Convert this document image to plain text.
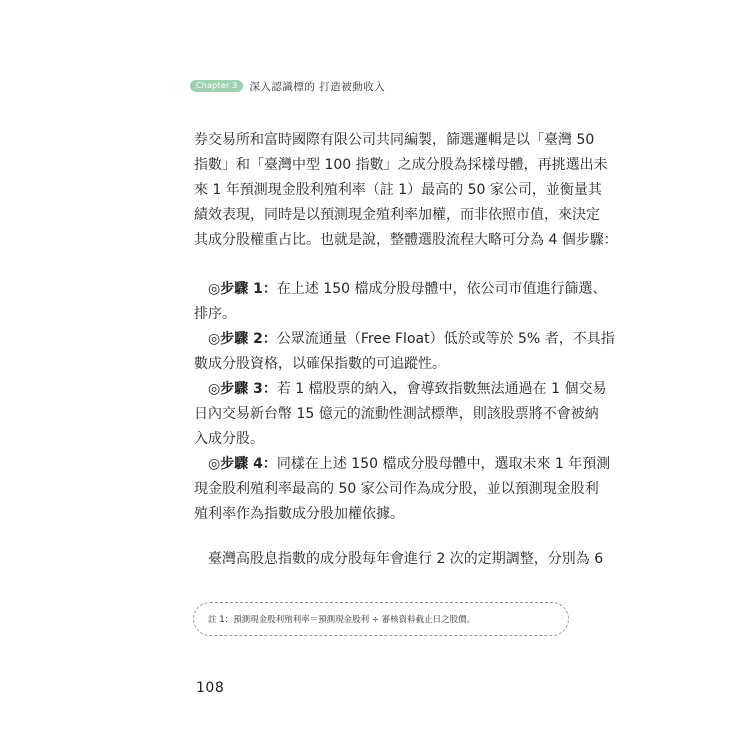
Chapter 3	深入認識標的 打造被動收入
券交易所和富時國際有限公司共同編製，篩選邏輯是以「臺灣 50
指數」和「臺灣中型 100 指數」之成分股為採樣母體，再挑選出未
來 1 年預測現金股利殖利率（註 1）最高的 50 家公司，並衡量其
績效表現，同時是以預測現金殖利率加權，而非依照市值，來決定
其成分股權重占比。也就是說，整體選股流程大略可分為 4 個步驟：
◎步驟 1：在上述 150 檔成分股母體中，依公司市值進行篩選、
排序。
◎步驟 2：公眾流通量（Free Float）低於或等於 5% 者，不具指
數成分股資格，以確保指數的可追蹤性。
◎步驟 3：若 1 檔股票的納入，會導致指數無法通過在 1 個交易
日內交易新台幣 15 億元的流動性測試標準，則該股票將不會被納
入成分股。
◎步驟 4：同樣在上述 150 檔成分股母體中，選取未來 1 年預測
現金股利殖利率最高的 50 家公司作為成分股，並以預測現金股利
殖利率作為指數成分股加權依據。
臺灣高股息指數的成分股每年會進行 2 次的定期調整，分別為 6
註 1：預測現金股利殖利率＝預測現金股利 ÷ 審核資料截止日之股價。
108
